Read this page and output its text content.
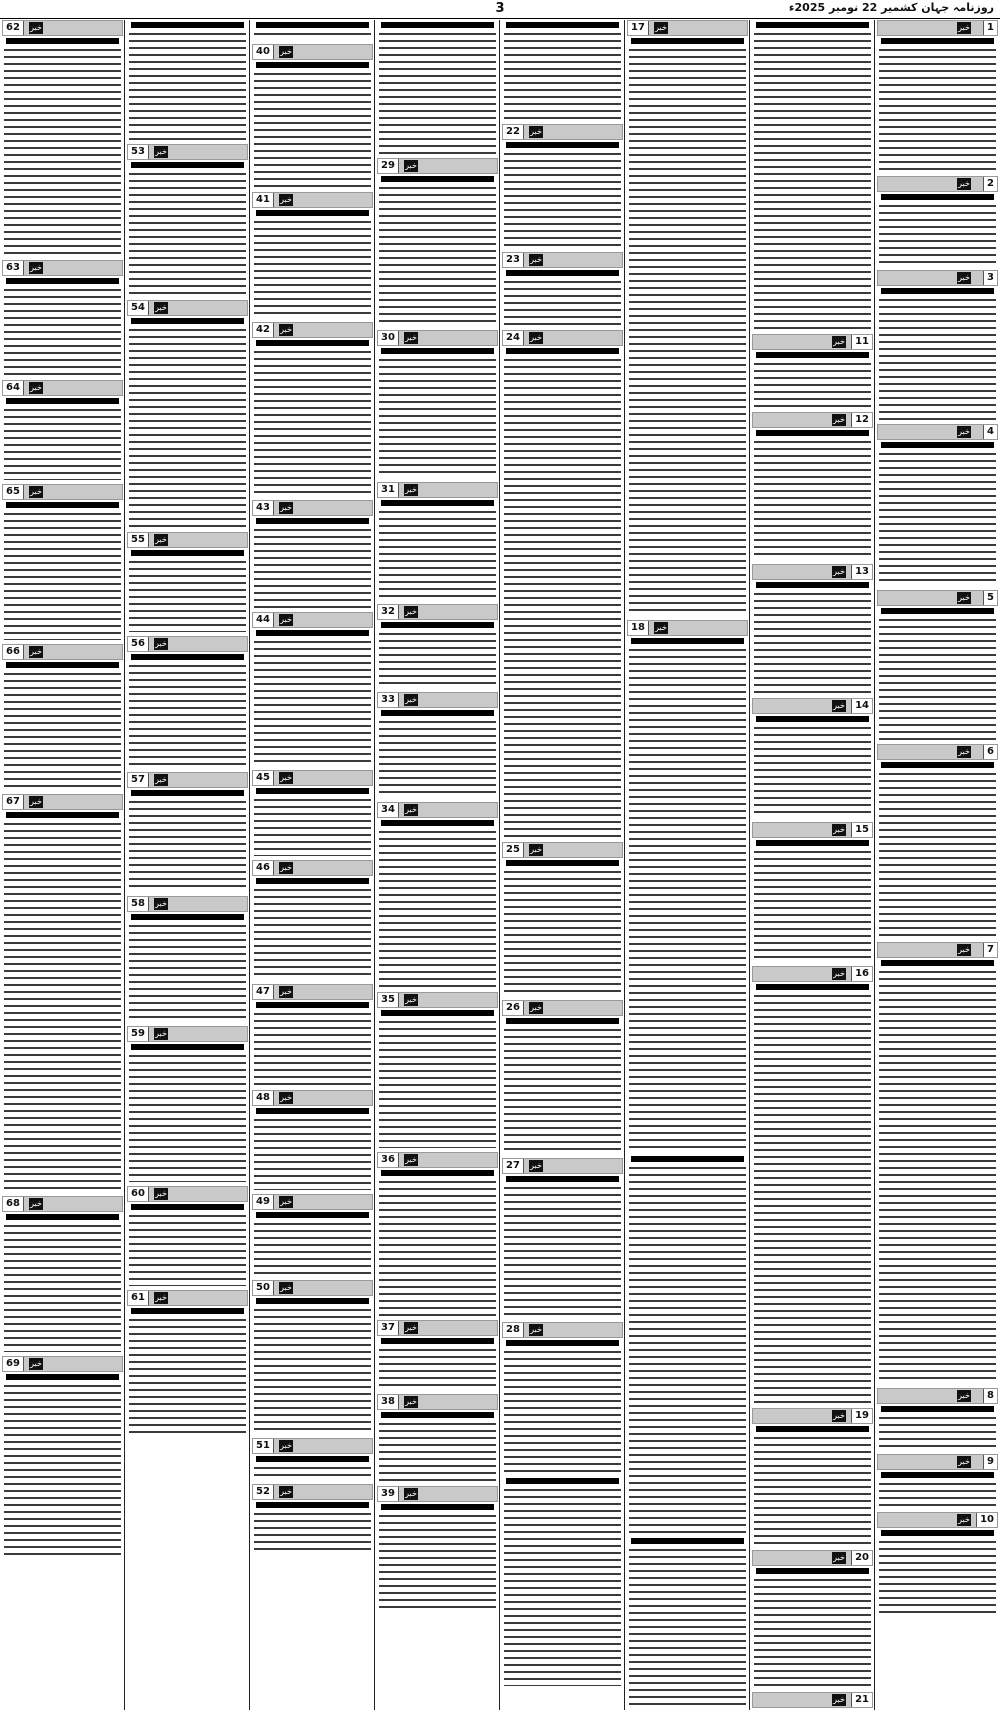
3	روزنامہ جہان کشمیر 22 نومبر 2025ء
1
خبر
2
خبر
3
خبر
4
خبر
5
خبر
6
خبر
7
خبر
8
خبر
9
خبر
10
خبر
11
خبر
12
خبر
13
خبر
14
خبر
15
خبر
16
خبر
19
خبر
20
خبر
21
خبر
17	خبر
18	خبر
22	خبر
23	خبر
24	خبر
25	خبر
26	خبر
27	خبر
28	خبر
29	خبر
30	خبر
31	خبر
32	خبر
33	خبر
34	خبر
35	خبر
36	خبر
37	خبر
38	خبر
39	خبر
40	خبر
41	خبر
42	خبر
43	خبر
44	خبر
45	خبر
46	خبر
47	خبر
48	خبر
49	خبر
50	خبر
51	خبر
52	خبر
53	خبر
54	خبر
55	خبر
56	خبر
57	خبر
58	خبر
59	خبر
60	خبر
61	خبر
62	خبر
63	خبر
64	خبر
65	خبر
66	خبر
67	خبر
68	خبر
69	خبر
